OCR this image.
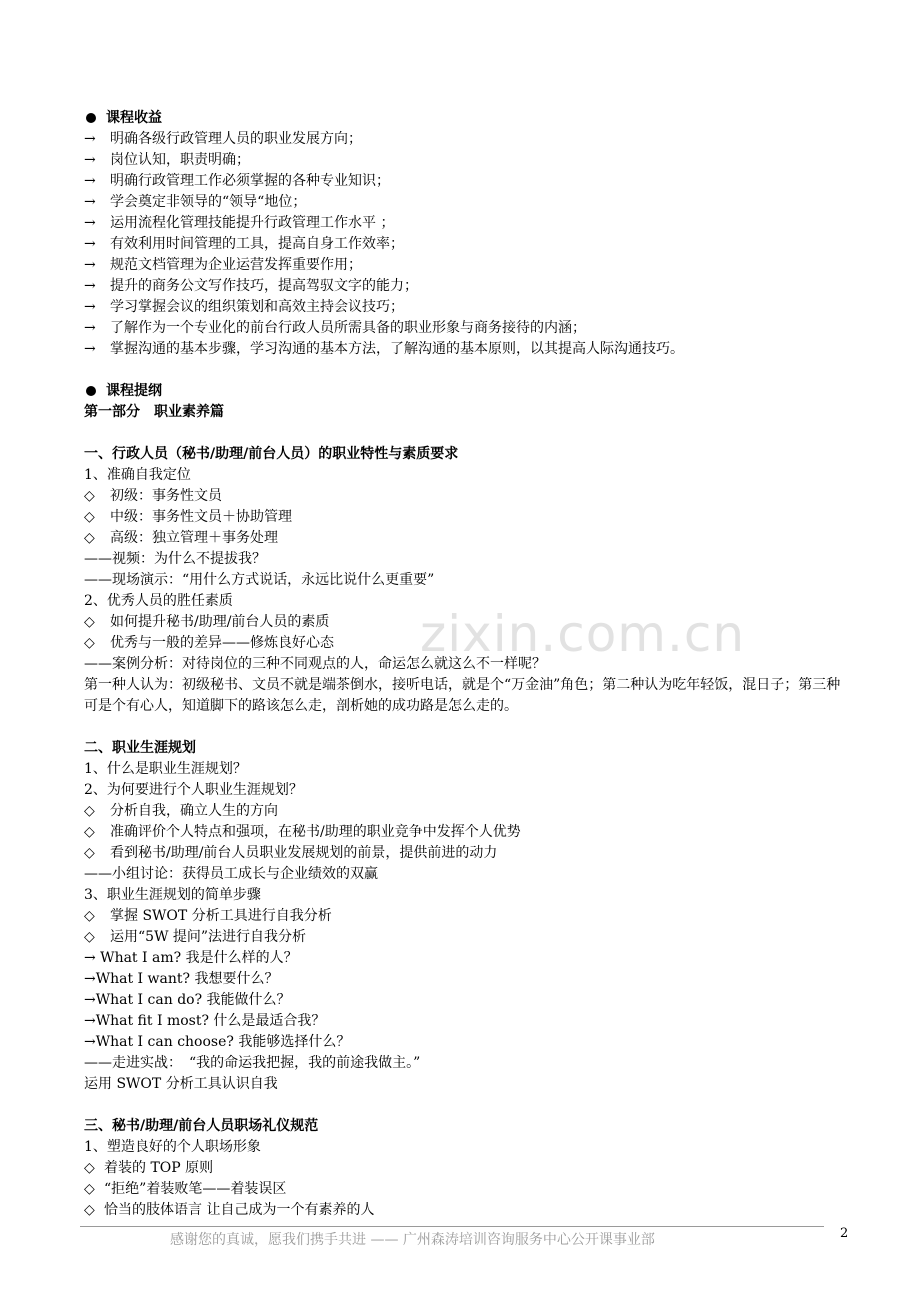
zixin.com.cn
课程收益
→ 明确各级行政管理人员的职业发展方向；
→ 岗位认知，职责明确；
→ 明确行政管理工作必须掌握的各种专业知识；
→ 学会奠定非领导的“领导“地位；
→ 运用流程化管理技能提升行政管理工作水平 ；
→ 有效利用时间管理的工具，提高自身工作效率；
→ 规范文档管理为企业运营发挥重要作用；
→ 提升的商务公文写作技巧，提高驾驭文字的能力；
→ 学习掌握会议的组织策划和高效主持会议技巧；
→ 了解作为一个专业化的前台行政人员所需具备的职业形象与商务接待的内涵；
→ 掌握沟通的基本步骤，学习沟通的基本方法，了解沟通的基本原则，以其提高人际沟通技巧。
课程提纲
第一部分　职业素养篇
一、行政人员（秘书/助理/前台人员）的职业特性与素质要求
1、准确自我定位
◇ 初级：事务性文员
◇ 中级：事务性文员＋协助管理
◇ 高级：独立管理＋事务处理
——视频：为什么不提拔我？
——现场演示：“用什么方式说话，永远比说什么更重要”
2、优秀人员的胜任素质
◇ 如何提升秘书/助理/前台人员的素质
◇ 优秀与一般的差异——修炼良好心态
——案例分析：对待岗位的三种不同观点的人，命运怎么就这么不一样呢？
第一种人认为：初级秘书、文员不就是端茶倒水，接听电话，就是个“万金油”角色；第二种认为吃年轻饭，混日子；第三种可是个有心人，知道脚下的路该怎么走，剖析她的成功路是怎么走的。
二、职业生涯规划
1、什么是职业生涯规划？
2、为何要进行个人职业生涯规划？
◇ 分析自我，确立人生的方向
◇ 准确评价个人特点和强项，在秘书/助理的职业竞争中发挥个人优势
◇ 看到秘书/助理/前台人员职业发展规划的前景，提供前进的动力
——小组讨论：获得员工成长与企业绩效的双赢
3、职业生涯规划的简单步骤
◇ 掌握 SWOT 分析工具进行自我分析
◇ 运用“5W 提问”法进行自我分析
→ What I am? 我是什么样的人？
→What I want? 我想要什么？
→What I can do? 我能做什么？
→What fit I most? 什么是最适合我？
→What I can choose? 我能够选择什么？
——走进实战：　“我的命运我把握，我的前途我做主。”
运用 SWOT 分析工具认识自我
三、秘书/助理/前台人员职场礼仪规范
1、塑造良好的个人职场形象
◇ 着装的 TOP 原则
◇ “拒绝”着装败笔——着装误区
◇ 恰当的肢体语言 让自己成为一个有素养的人
感谢您的真诚，愿我们携手共进 —— 广州森涛培训咨询服务中心公开课事业部	2
